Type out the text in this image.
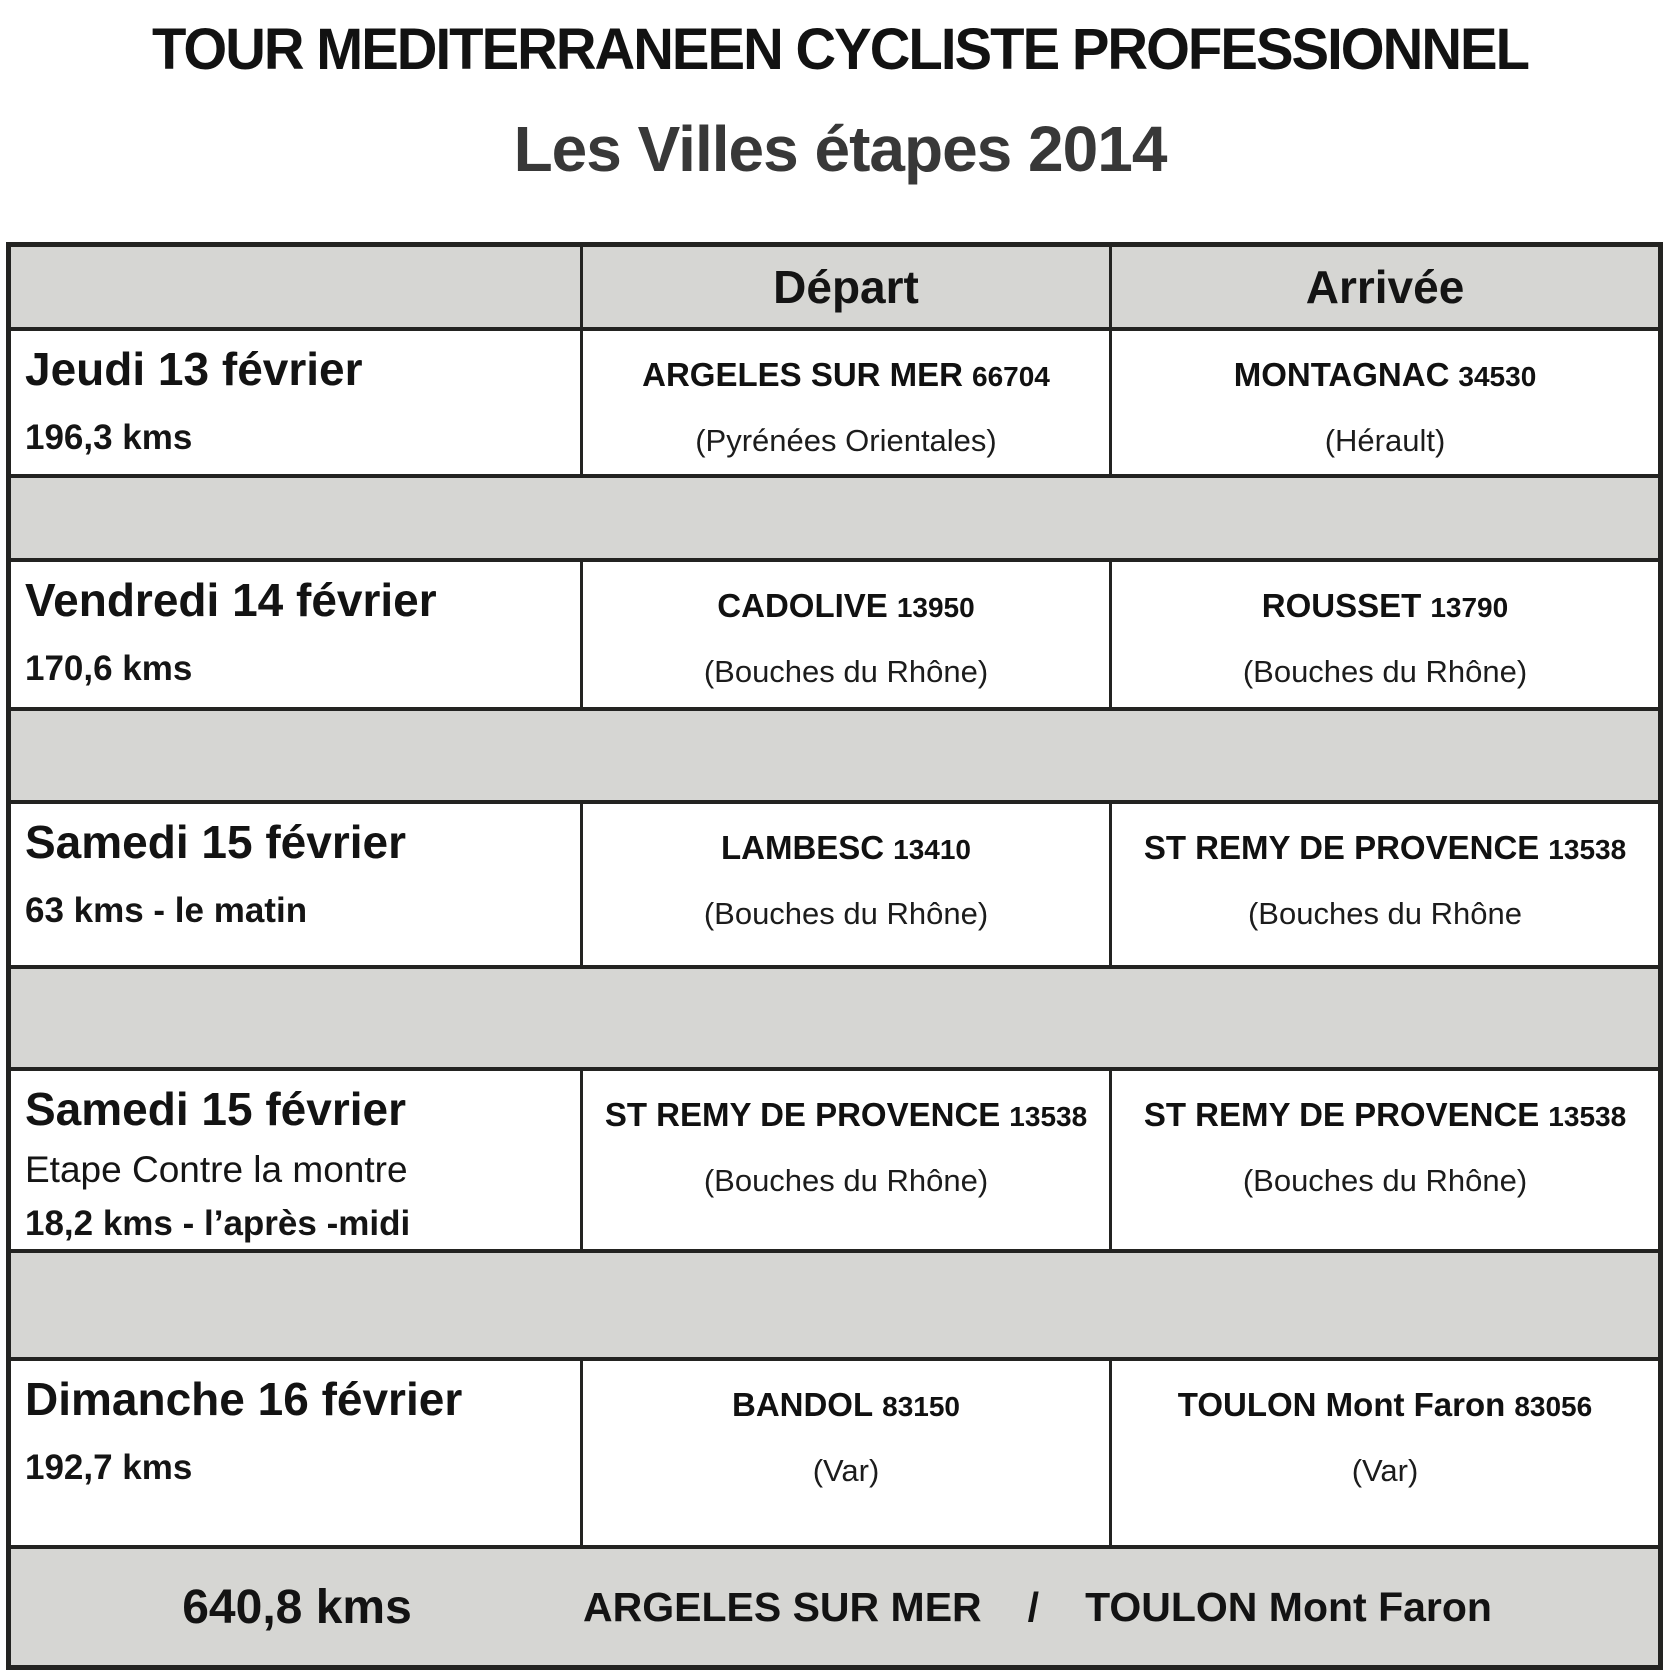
TOUR MEDITERRANEEN CYCLISTE PROFESSIONNEL
Les Villes étapes 2014
Départ	Arrivée
Jeudi 13 février
196,3 kms
ARGELES SUR MER 66704
(Pyrénées Orientales)
MONTAGNAC 34530
(Hérault)
Vendredi 14 février
170,6 kms
CADOLIVE 13950
(Bouches du Rhône)
ROUSSET 13790
(Bouches du Rhône)
Samedi 15 février
63 kms - le matin
LAMBESC 13410
(Bouches du Rhône)
ST REMY DE PROVENCE 13538
(Bouches du Rhône
Samedi 15 février
Etape Contre la montre
18,2 kms - l’après -midi
ST REMY DE PROVENCE 13538
(Bouches du Rhône)
ST REMY DE PROVENCE 13538
(Bouches du Rhône)
Dimanche 16 février
192,7 kms
BANDOL 83150
(Var)
TOULON Mont Faron 83056
(Var)
640,8 kms	ARGELES SUR MER / TOULON Mont Faron
